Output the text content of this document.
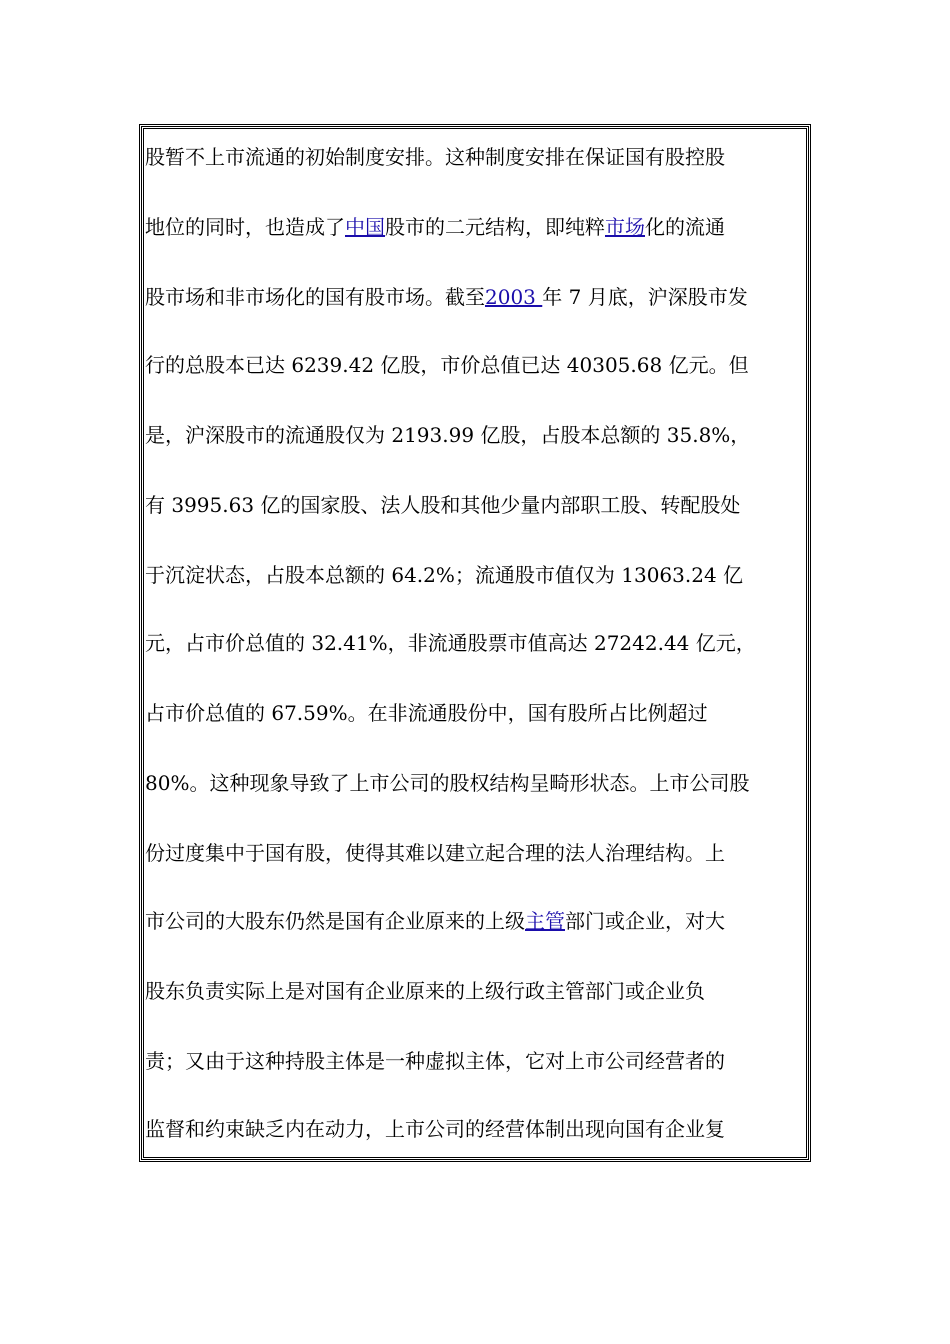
股暂不上市流通的初始制度安排。这种制度安排在保证国有股控股
地位的同时，也造成了中国股市的二元结构，即纯粹市场化的流通
股市场和非市场化的国有股市场。截至2003 年 7 月底，沪深股市发
行的总股本已达 6239.42 亿股，市价总值已达 40305.68 亿元。但
是，沪深股市的流通股仅为 2193.99 亿股，占股本总额的 35.8%，
有 3995.63 亿的国家股、法人股和其他少量内部职工股、转配股处
于沉淀状态，占股本总额的 64.2%；流通股市值仅为 13063.24 亿
元，占市价总值的 32.41%，非流通股票市值高达 27242.44 亿元，
占市价总值的 67.59%。在非流通股份中，国有股所占比例超过
80%。这种现象导致了上市公司的股权结构呈畸形状态。上市公司股
份过度集中于国有股，使得其难以建立起合理的法人治理结构。上
市公司的大股东仍然是国有企业原来的上级主管部门或企业，对大
股东负责实际上是对国有企业原来的上级行政主管部门或企业负
责；又由于这种持股主体是一种虚拟主体，它对上市公司经营者的
监督和约束缺乏内在动力，上市公司的经营体制出现向国有企业复
